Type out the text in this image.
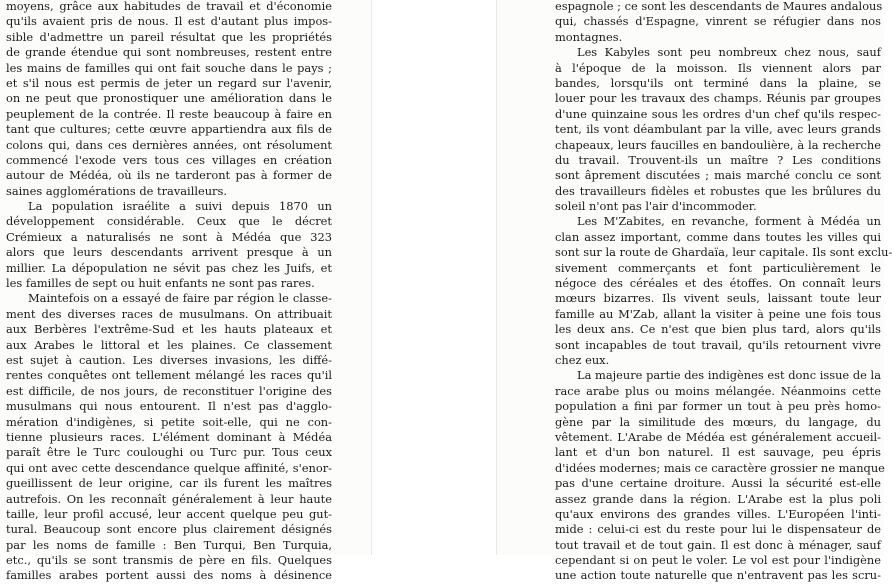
moyens, grâce aux habitudes de travail et d'économie
qu'ils avaient pris de nous. Il est d'autant plus impos-
sible d'admettre un pareil résultat que les propriétés
de grande étendue qui sont nombreuses, restent entre
les mains de familles qui ont fait souche dans le pays ;
et s'il nous est permis de jeter un regard sur l'avenir,
on ne peut que pronostiquer une amélioration dans le
peuplement de la contrée. Il reste beaucoup à faire en
tant que cultures; cette œuvre appartiendra aux fils de
colons qui, dans ces dernières années, ont résolument
commencé l'exode vers tous ces villages en création
autour de Médéa, où ils ne tarderont pas à former de
saines agglomérations de travailleurs.
La population israélite a suivi depuis 1870 un
développement considérable. Ceux que le décret
Crémieux a naturalisés ne sont à Médéa que 323
alors que leurs descendants arrivent presque à un
millier. La dépopulation ne sévit pas chez les Juifs, et
les familles de sept ou huit enfants ne sont pas rares.
Maintefois on a essayé de faire par région le classe-
ment des diverses races de musulmans. On attribuait
aux Berbères l'extrême-Sud et les hauts plateaux et
aux Arabes le littoral et les plaines. Ce classement
est sujet à caution. Les diverses invasions, les diffé-
rentes conquêtes ont tellement mélangé les races qu'il
est difficile, de nos jours, de reconstituer l'origine des
musulmans qui nous entourent. Il n'est pas d'agglo-
mération d'indigènes, si petite soit-elle, qui ne con-
tienne plusieurs races. L'élément dominant à Médéa
paraît être le Turc couloughi ou Turc pur. Tous ceux
qui ont avec cette descendance quelque affinité, s'enor-
gueillissent de leur origine, car ils furent les maîtres
autrefois. On les reconnaît généralement à leur haute
taille, leur profil accusé, leur accent quelque peu gut-
tural. Beaucoup sont encore plus clairement désignés
par les noms de famille : Ben Turqui, Ben Turquia,
etc., qu'ils se sont transmis de père en fils. Quelques
familles arabes portent aussi des noms à désinence
espagnole ; ce sont les descendants de Maures andalous
qui, chassés d'Espagne, vinrent se réfugier dans nos
montagnes.
Les Kabyles sont peu nombreux chez nous, sauf
à l'époque de la moisson. Ils viennent alors par
bandes, lorsqu'ils ont terminé dans la plaine, se
louer pour les travaux des champs. Réunis par groupes
d'une quinzaine sous les ordres d'un chef qu'ils respec-
tent, ils vont déambulant par la ville, avec leurs grands
chapeaux, leurs faucilles en bandoulière, à la recherche
du travail. Trouvent-ils un maître ? Les conditions
sont âprement discutées ; mais marché conclu ce sont
des travailleurs fidèles et robustes que les brûlures du
soleil n'ont pas l'air d'incommoder.
Les M'Zabites, en revanche, forment à Médéa un
clan assez important, comme dans toutes les villes qui
sont sur la route de Ghardaïa, leur capitale. Ils sont exclu-
sivement commerçants et font particulièrement le
négoce des céréales et des étoffes. On connaît leurs
mœurs bizarres. Ils vivent seuls, laissant toute leur
famille au M'Zab, allant la visiter à peine une fois tous
les deux ans. Ce n'est que bien plus tard, alors qu'ils
sont incapables de tout travail, qu'ils retournent vivre
chez eux.
La majeure partie des indigènes est donc issue de la
race arabe plus ou moins mélangée. Néanmoins cette
population a fini par former un tout à peu près homo-
gène par la similitude des mœurs, du langage, du
vêtement. L'Arabe de Médéa est généralement accueil-
lant et d'un bon naturel. Il est sauvage, peu épris
d'idées modernes; mais ce caractère grossier ne manque
pas d'une certaine droiture. Aussi la sécurité est-elle
assez grande dans la région. L'Arabe est la plus poli
qu'aux environs des grandes villes. L'Européen l'inti-
mide : celui-ci est du reste pour lui le dispensateur de
tout travail et de tout gain. Il est donc à ménager, sauf
cependant si on peut le voler. Le vol est pour l'indigène
une action toute naturelle que n'entravent pas les scru-
